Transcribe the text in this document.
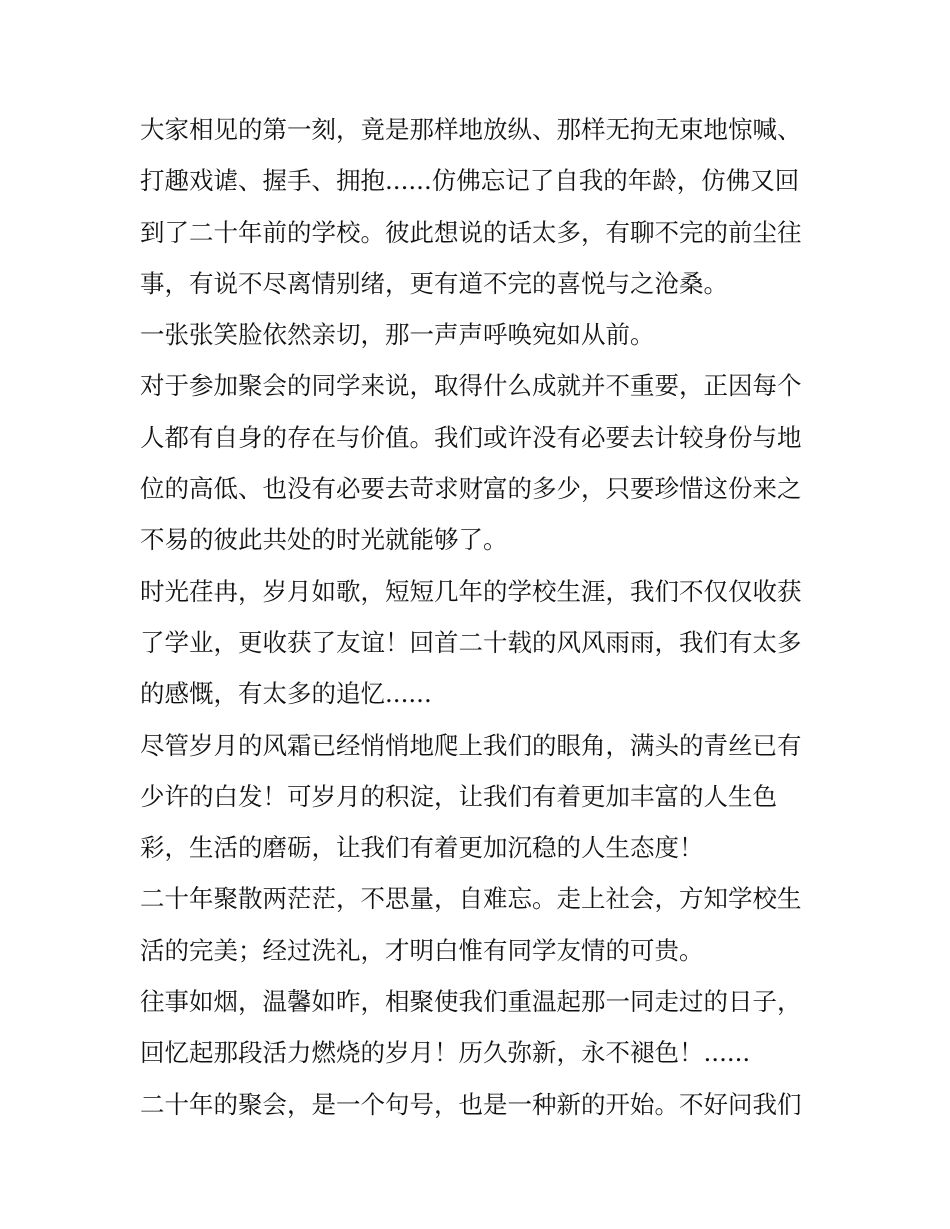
大家相见的第一刻，竟是那样地放纵、那样无拘无束地惊喊、
打趣戏谑、握手、拥抱......仿佛忘记了自我的年龄，仿佛又回
到了二十年前的学校。彼此想说的话太多，有聊不完的前尘往
事，有说不尽离情别绪，更有道不完的喜悦与之沧桑。
一张张笑脸依然亲切，那一声声呼唤宛如从前。
对于参加聚会的同学来说，取得什么成就并不重要，正因每个
人都有自身的存在与价值。我们或许没有必要去计较身份与地
位的高低、也没有必要去苛求财富的多少，只要珍惜这份来之
不易的彼此共处的时光就能够了。
时光荏冉，岁月如歌，短短几年的学校生涯，我们不仅仅收获
了学业，更收获了友谊！回首二十载的风风雨雨，我们有太多
的感慨，有太多的追忆......
尽管岁月的风霜已经悄悄地爬上我们的眼角，满头的青丝已有
少许的白发！可岁月的积淀，让我们有着更加丰富的人生色
彩，生活的磨砺，让我们有着更加沉稳的人生态度！
二十年聚散两茫茫，不思量，自难忘。走上社会，方知学校生
活的完美；经过洗礼，才明白惟有同学友情的可贵。
往事如烟，温馨如昨，相聚使我们重温起那一同走过的日子，
回忆起那段活力燃烧的岁月！历久弥新，永不褪色！......
二十年的聚会，是一个句号，也是一种新的开始。不好问我们
